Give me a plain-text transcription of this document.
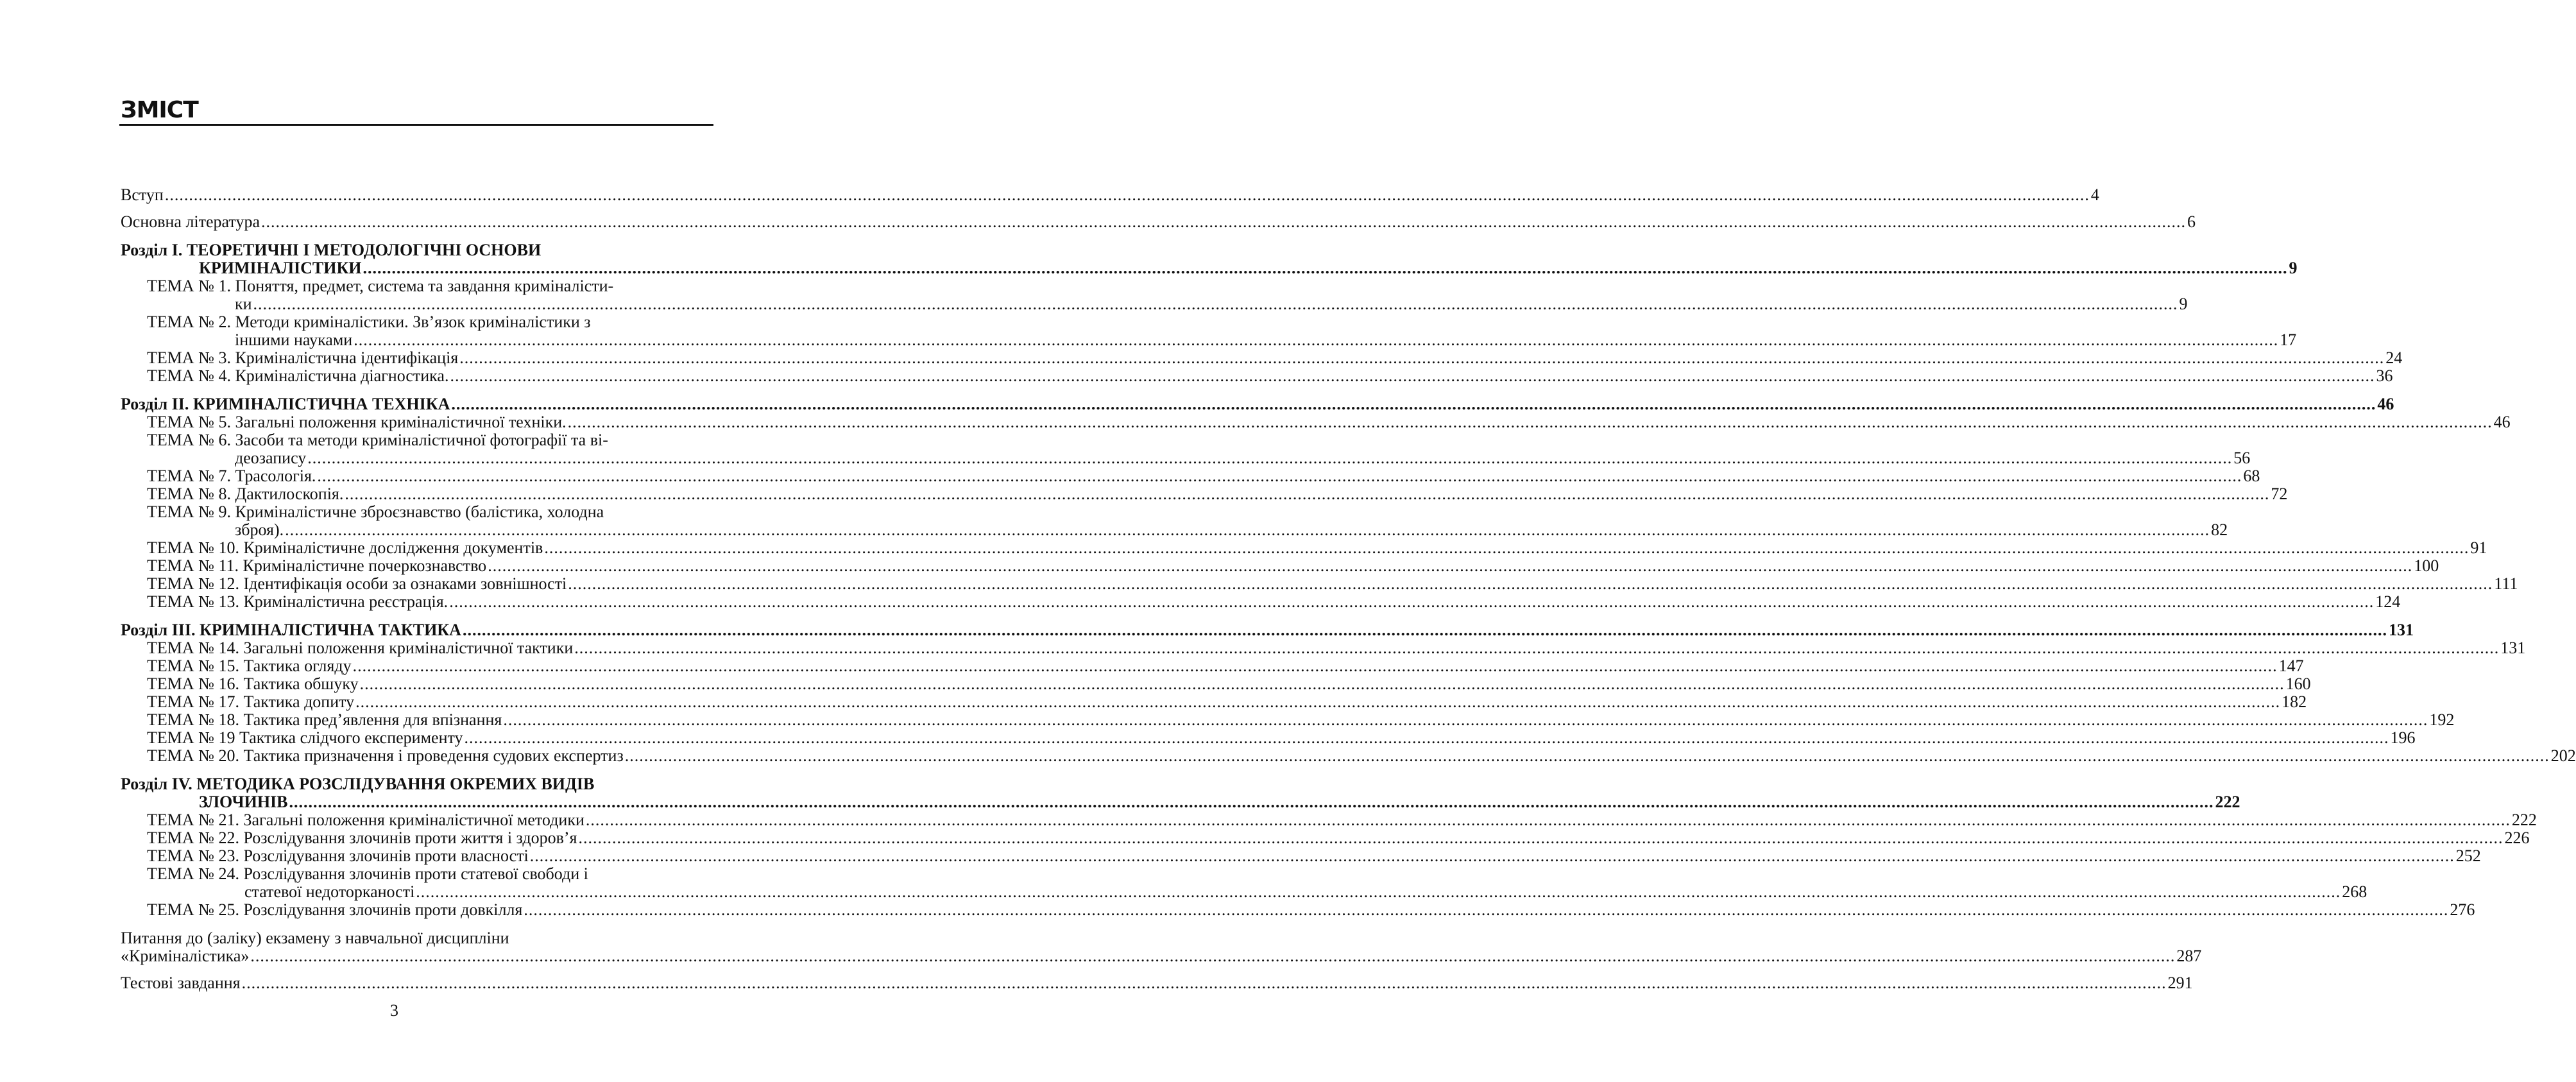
ЗМІСТ
Вступ ................................................................................................................................................................................................................................................................................................................................................................................................................ 4
Основна література ................................................................................................................................................................................................................................................................................................................................................................................................................ 6
Розділ І. ТЕОРЕТИЧНІ І МЕТОДОЛОГІЧНІ ОСНОВИ
КРИМІНАЛІСТИКИ ................................................................................................................................................................................................................................................................................................................................................................................................................ 9
ТЕМА № 1. Поняття, предмет, система та завдання криміналісти-
ки ................................................................................................................................................................................................................................................................................................................................................................................................................ 9
ТЕМА № 2. Методи криміналістики. Зв’язок криміналістики з
іншими науками ................................................................................................................................................................................................................................................................................................................................................................................................................ 17
ТЕМА № 3. Криміналістична ідентифікація ................................................................................................................................................................................................................................................................................................................................................................................................................ 24
ТЕМА № 4. Криміналістична діагностика. ................................................................................................................................................................................................................................................................................................................................................................................................................ 36
Розділ ІІ. КРИМІНАЛІСТИЧНА ТЕХНІКА ................................................................................................................................................................................................................................................................................................................................................................................................................ 46
ТЕМА № 5. Загальні положення криміналістичної техніки. ................................................................................................................................................................................................................................................................................................................................................................................................................ 46
ТЕМА № 6. Засоби та методи криміналістичної фотографії та ві-
деозапису ................................................................................................................................................................................................................................................................................................................................................................................................................ 56
ТЕМА № 7. Трасологія. ................................................................................................................................................................................................................................................................................................................................................................................................................ 68
ТЕМА № 8. Дактилоскопія. ................................................................................................................................................................................................................................................................................................................................................................................................................ 72
ТЕМА № 9. Криміналістичне зброєзнавство (балістика, холодна
зброя). ................................................................................................................................................................................................................................................................................................................................................................................................................ 82
ТЕМА № 10. Криміналістичне дослідження документів ................................................................................................................................................................................................................................................................................................................................................................................................................ 91
ТЕМА № 11. Криміналістичне почеркознавство ................................................................................................................................................................................................................................................................................................................................................................................................................ 100
ТЕМА № 12. Ідентифікація особи за ознаками зовнішності ................................................................................................................................................................................................................................................................................................................................................................................................................ 111
ТЕМА № 13. Криміналістична реєстрація. ................................................................................................................................................................................................................................................................................................................................................................................................................ 124
Розділ ІІІ. КРИМІНАЛІСТИЧНА ТАКТИКА ................................................................................................................................................................................................................................................................................................................................................................................................................ 131
ТЕМА № 14. Загальні положення криміналістичної тактики ................................................................................................................................................................................................................................................................................................................................................................................................................ 131
ТЕМА № 15. Тактика огляду ................................................................................................................................................................................................................................................................................................................................................................................................................ 147
ТЕМА № 16. Тактика обшуку ................................................................................................................................................................................................................................................................................................................................................................................................................ 160
ТЕМА № 17. Тактика допиту ................................................................................................................................................................................................................................................................................................................................................................................................................ 182
ТЕМА № 18. Тактика пред’явлення для впізнання ................................................................................................................................................................................................................................................................................................................................................................................................................ 192
ТЕМА № 19 Тактика слідчого експерименту ................................................................................................................................................................................................................................................................................................................................................................................................................ 196
ТЕМА № 20. Тактика призначення і проведення судових експертиз ................................................................................................................................................................................................................................................................................................................................................................................................................ 202
Розділ IV. МЕТОДИКА РОЗСЛІДУВАННЯ ОКРЕМИХ ВИДІВ
ЗЛОЧИНІВ ................................................................................................................................................................................................................................................................................................................................................................................................................ 222
ТЕМА № 21. Загальні положення криміналістичної методики ................................................................................................................................................................................................................................................................................................................................................................................................................ 222
ТЕМА № 22. Розслідування злочинів проти життя і здоров’я ................................................................................................................................................................................................................................................................................................................................................................................................................ 226
ТЕМА № 23. Розслідування злочинів проти власності ................................................................................................................................................................................................................................................................................................................................................................................................................ 252
ТЕМА № 24. Розслідування злочинів проти статевої свободи і
статевої недоторканості ................................................................................................................................................................................................................................................................................................................................................................................................................ 268
ТЕМА № 25. Розслідування злочинів проти довкілля ................................................................................................................................................................................................................................................................................................................................................................................................................ 276
Питання до (заліку) екзамену з навчальної дисципліни
«Криміналістика» ................................................................................................................................................................................................................................................................................................................................................................................................................ 287
Тестові завдання ................................................................................................................................................................................................................................................................................................................................................................................................................ 291
3
